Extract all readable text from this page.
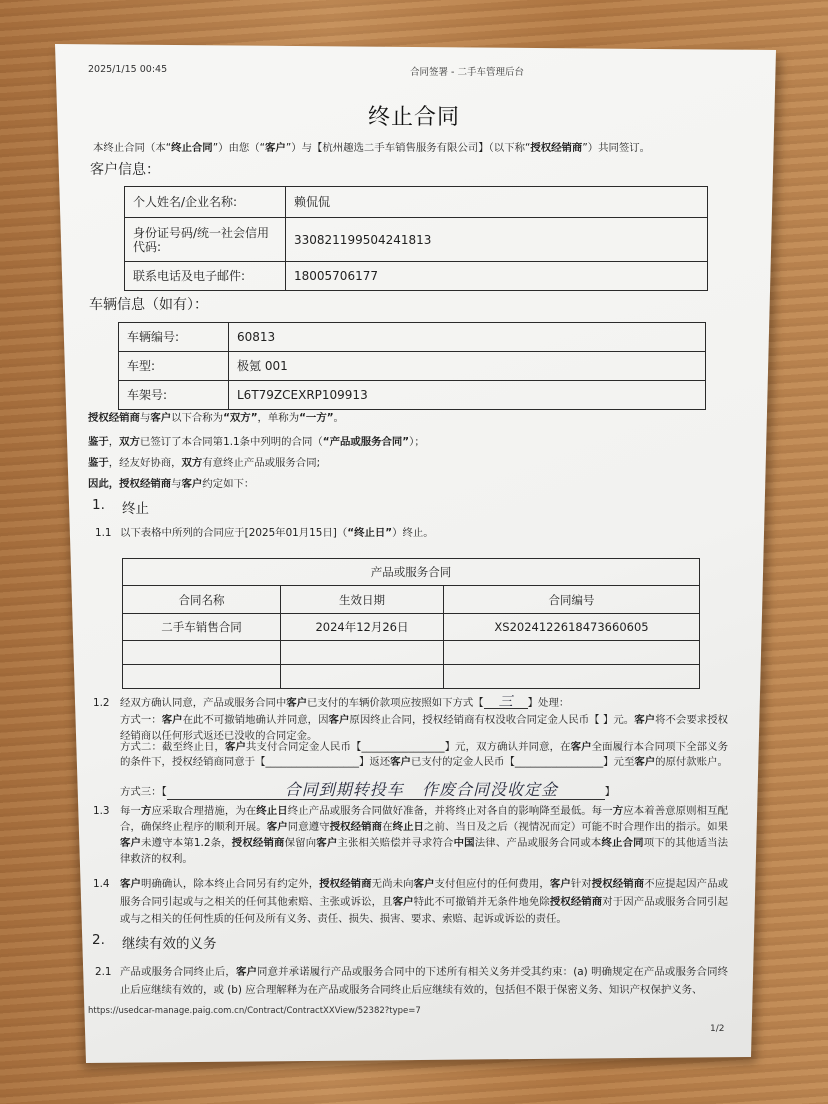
2025/1/15 00:45	合同签署 - 二手车管理后台
终止合同
本终止合同（本“终止合同”）由您（“客户”）与【杭州趣选二手车销售服务有限公司】（以下称“授权经销商”）共同签订。
客户信息：
个人姓名/企业名称:	赖侃侃
身份证号码/统一社会信用代码:	330821199504241813
联系电话及电子邮件:	18005706177
车辆信息（如有）：
车辆编号:	60813
车型:	极氪 001
车架号:	L6T79ZCEXRP109913
授权经销商与客户以下合称为“双方”，单称为“一方”。
鉴于，双方已签订了本合同第1.1条中列明的合同（“产品或服务合同”）；
鉴于，经友好协商，双方有意终止产品或服务合同;
因此，授权经销商与客户约定如下：
1. 终止
1.1 以下表格中所列的合同应于[2025年01月15日]（“终止日”）终止。
产品或服务合同		
合同名称	生效日期	合同编号
二手车销售合同	2024年12月26日	XS2024122618473660605

1.2 经双方确认同意，产品或服务合同中客户已支付的车辆价款项应按照如下方式【 三 】处理：
方式一：客户在此不可撤销地确认并同意，因客户原因终止合同，授权经销商有权没收合同定金人民币【 】元。客户将不会要求授权经销商以任何形式返还已没收的合同定金。
方式二：截至终止日，客户共支付合同定金人民币【________________】元，双方确认并同意，在客户全面履行本合同项下全部义务的条件下，授权经销商同意于【__________________】返还客户已支付的定金人民币【_________________】元至客户的原付款账户。
方式三：【	合同到期转投车   作废合同没收定金	】
1.3 每一方应采取合理措施，为在终止日终止产品或服务合同做好准备，并将终止对各自的影响降至最低。每一方应本着善意原则相互配合，确保终止程序的顺利开展。客户同意遵守授权经销商在终止日之前、当日及之后（视情况而定）可能不时合理作出的指示。如果客户未遵守本第1.2条，授权经销商保留向客户主张相关赔偿并寻求符合中国法律、产品或服务合同或本终止合同项下的其他适当法律救济的权利。
1.4 客户明确确认，除本终止合同另有约定外，授权经销商无尚未向客户支付但应付的任何费用，客户针对授权经销商不应提起因产品或服务合同引起或与之相关的任何其他索赔、主张或诉讼，且客户特此不可撤销并无条件地免除授权经销商对于因产品或服务合同引起或与之相关的任何性质的任何及所有义务、责任、损失、损害、要求、索赔、起诉或诉讼的责任。
2. 继续有效的义务
2.1 产品或服务合同终止后，客户同意并承诺履行产品或服务合同中的下述所有相关义务并受其约束：(a) 明确规定在产品或服务合同终止后应继续有效的，或 (b) 应合理解释为在产品或服务合同终止后应继续有效的，包括但不限于保密义务、知识产权保护义务、
https://usedcar-manage.paig.com.cn/Contract/ContractXXView/52382?type=7
1/2
